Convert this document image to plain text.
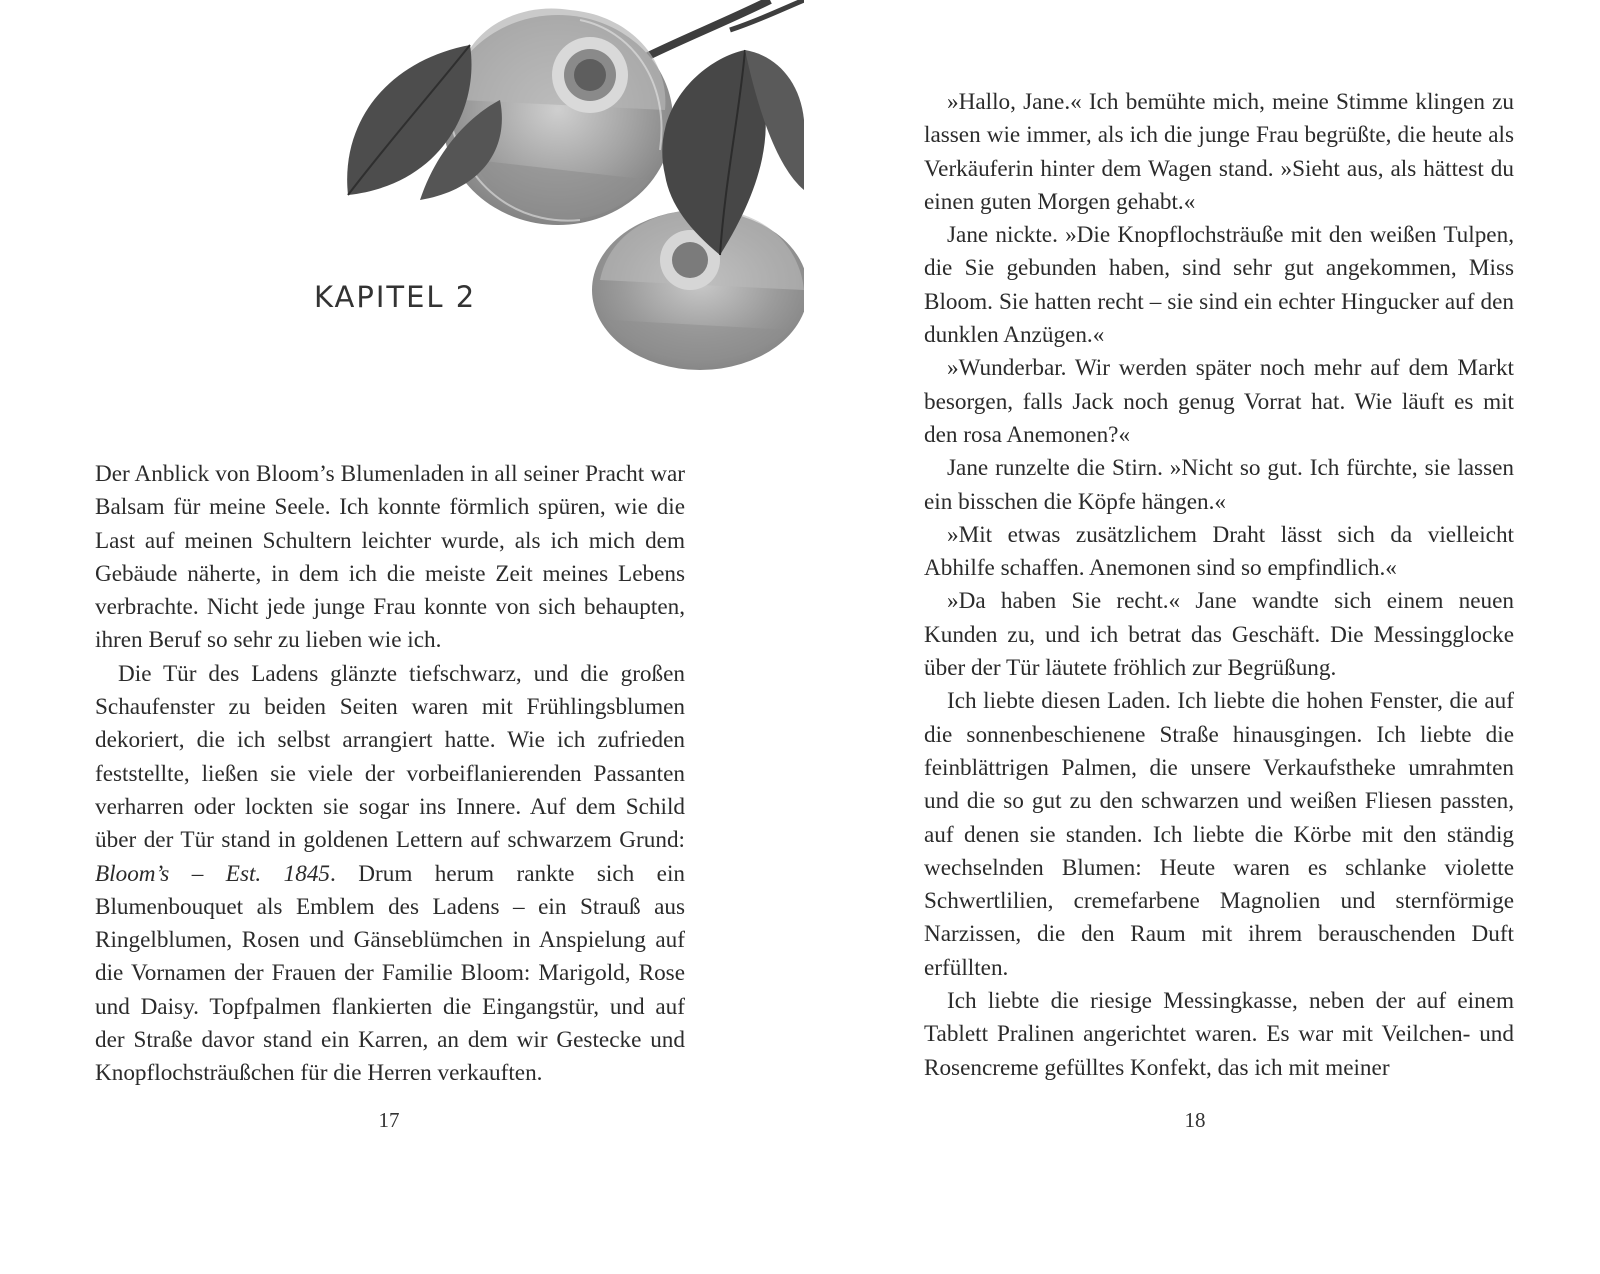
KAPITEL 2

Der Anblick von Bloom’s Blumenladen in all seiner Pracht war Balsam für meine Seele. Ich konnte förmlich spüren, wie die Last auf meinen Schultern leichter wurde, als ich mich dem Gebäude näherte, in dem ich die meiste Zeit meines Lebens verbrachte. Nicht jede junge Frau konnte von sich behaupten, ihren Beruf so sehr zu lieben wie ich.

Die Tür des Ladens glänzte tiefschwarz, und die großen Schaufenster zu beiden Seiten waren mit Frühlingsblumen dekoriert, die ich selbst arrangiert hatte. Wie ich zufrieden feststellte, ließen sie viele der vorbeiflanierenden Passanten verharren oder lockten sie sogar ins Innere. Auf dem Schild über der Tür stand in goldenen Lettern auf schwarzem Grund: Bloom’s – Est. 1845. Drum herum rankte sich ein Blumenbouquet als Emblem des Ladens – ein Strauß aus Ringelblumen, Rosen und Gänseblümchen in Anspielung auf die Vornamen der Frauen der Familie Bloom: Marigold, Rose und Daisy. Topfpalmen flankierten die Eingangstür, und auf der Straße davor stand ein Karren, an dem wir Gestecke und Knopflochsträußchen für die Herren verkauften.

17

»Hallo, Jane.« Ich bemühte mich, meine Stimme klingen zu lassen wie immer, als ich die junge Frau begrüßte, die heute als Verkäuferin hinter dem Wagen stand. »Sieht aus, als hättest du einen guten Morgen gehabt.«

Jane nickte. »Die Knopflochsträuße mit den weißen Tulpen, die Sie gebunden haben, sind sehr gut angekommen, Miss Bloom. Sie hatten recht – sie sind ein echter Hingucker auf den dunklen Anzügen.«

»Wunderbar. Wir werden später noch mehr auf dem Markt besorgen, falls Jack noch genug Vorrat hat. Wie läuft es mit den rosa Anemonen?«

Jane runzelte die Stirn. »Nicht so gut. Ich fürchte, sie lassen ein bisschen die Köpfe hängen.«

»Mit etwas zusätzlichem Draht lässt sich da vielleicht Abhilfe schaffen. Anemonen sind so empfindlich.«

»Da haben Sie recht.« Jane wandte sich einem neuen Kunden zu, und ich betrat das Geschäft. Die Messingglocke über der Tür läutete fröhlich zur Begrüßung.

Ich liebte diesen Laden. Ich liebte die hohen Fenster, die auf die sonnenbeschienene Straße hinausgingen. Ich liebte die feinblättrigen Palmen, die unsere Verkaufstheke umrahmten und die so gut zu den schwarzen und weißen Fliesen passten, auf denen sie standen. Ich liebte die Körbe mit den ständig wechselnden Blumen: Heute waren es schlanke violette Schwertlilien, cremefarbene Magnolien und sternförmige Narzissen, die den Raum mit ihrem berauschenden Duft erfüllten.

Ich liebte die riesige Messingkasse, neben der auf einem Tablett Pralinen angerichtet waren. Es war mit Veilchen- und Rosencreme gefülltes Konfekt, das ich mit meiner

18
